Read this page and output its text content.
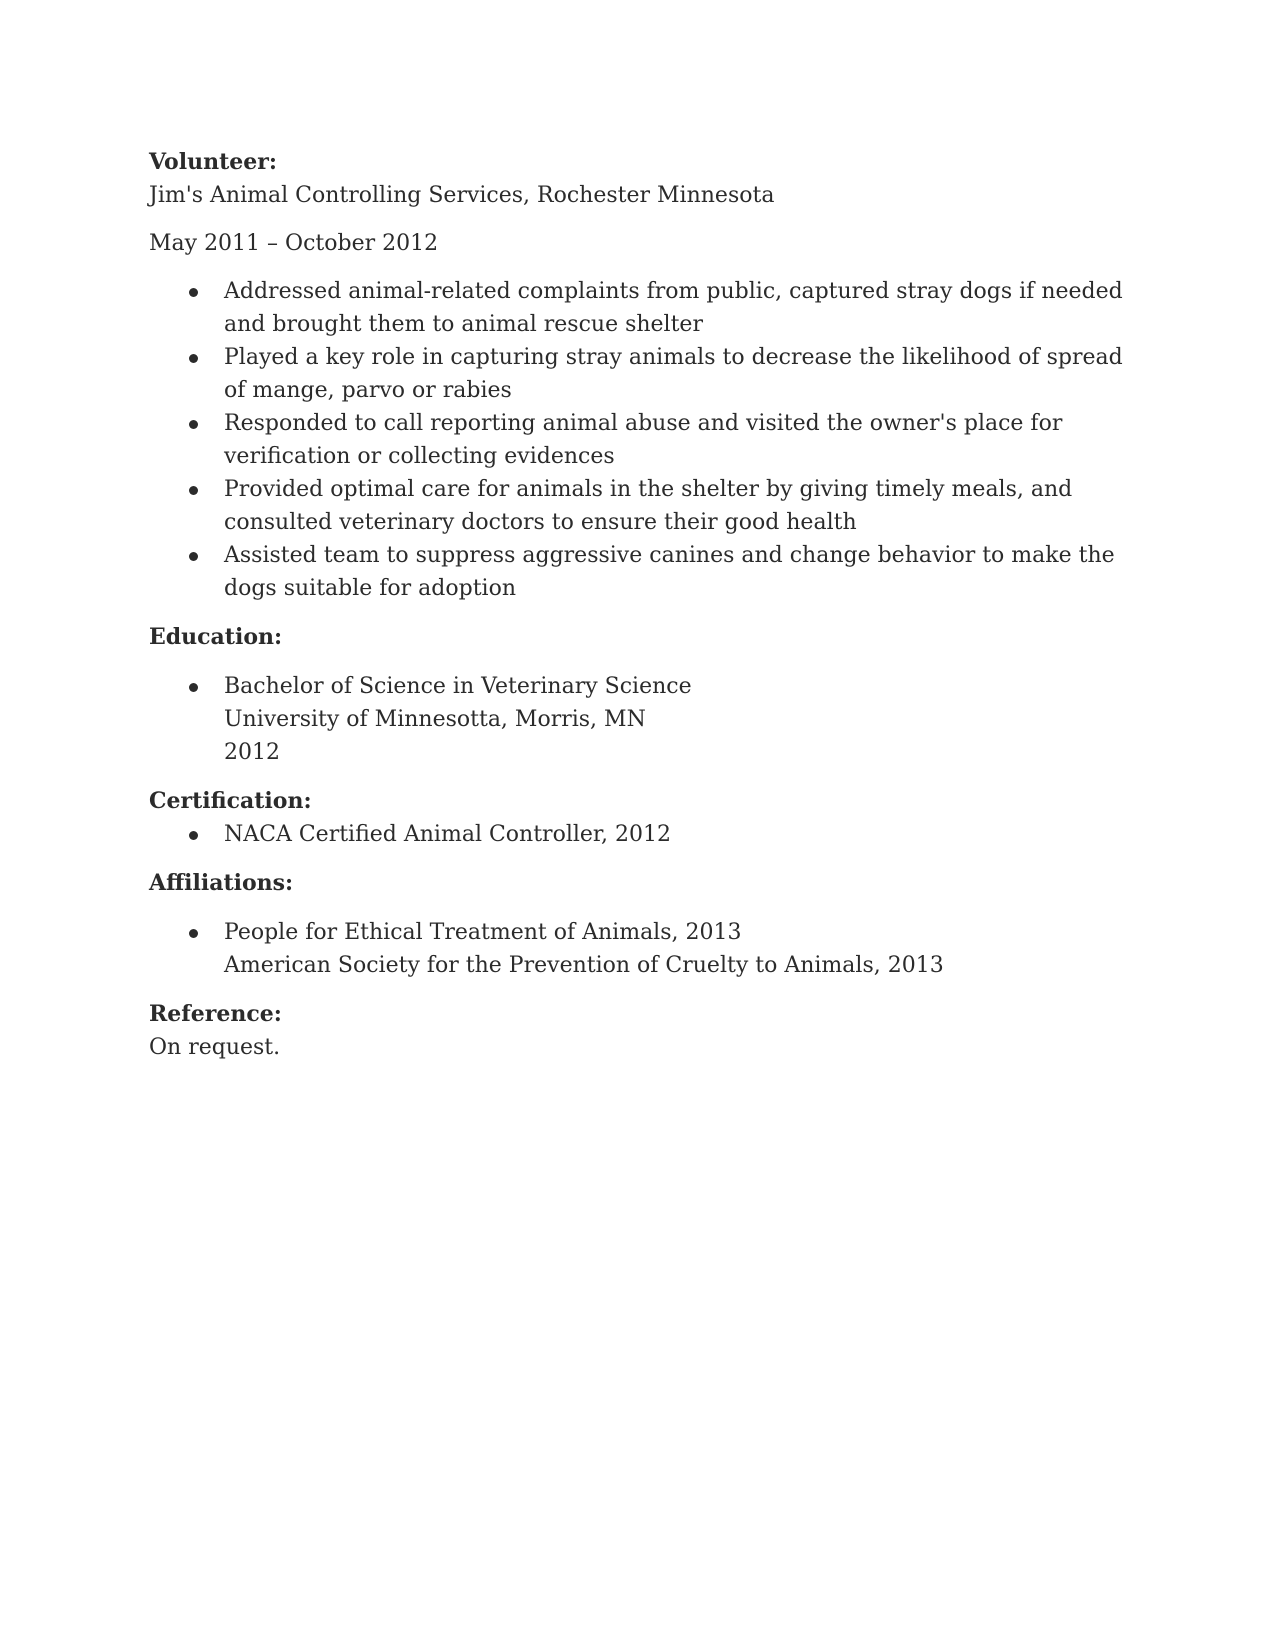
Volunteer:

Jim's Animal Controlling Services, Rochester Minnesota

May 2011 – October 2012

Addressed animal-related complaints from public, captured stray dogs if needed and brought them to animal rescue shelter
Played a key role in capturing stray animals to decrease the likelihood of spread of mange, parvo or rabies
Responded to call reporting animal abuse and visited the owner's place for verification or collecting evidences
Provided optimal care for animals in the shelter by giving timely meals, and consulted veterinary doctors to ensure their good health
Assisted team to suppress aggressive canines and change behavior to make the dogs suitable for adoption

Education:

Bachelor of Science in Veterinary Science
University of Minnesotta, Morris, MN
2012

Certification:

NACA Certified Animal Controller, 2012

Affiliations:

People for Ethical Treatment of Animals, 2013
American Society for the Prevention of Cruelty to Animals, 2013

Reference:

On request.
